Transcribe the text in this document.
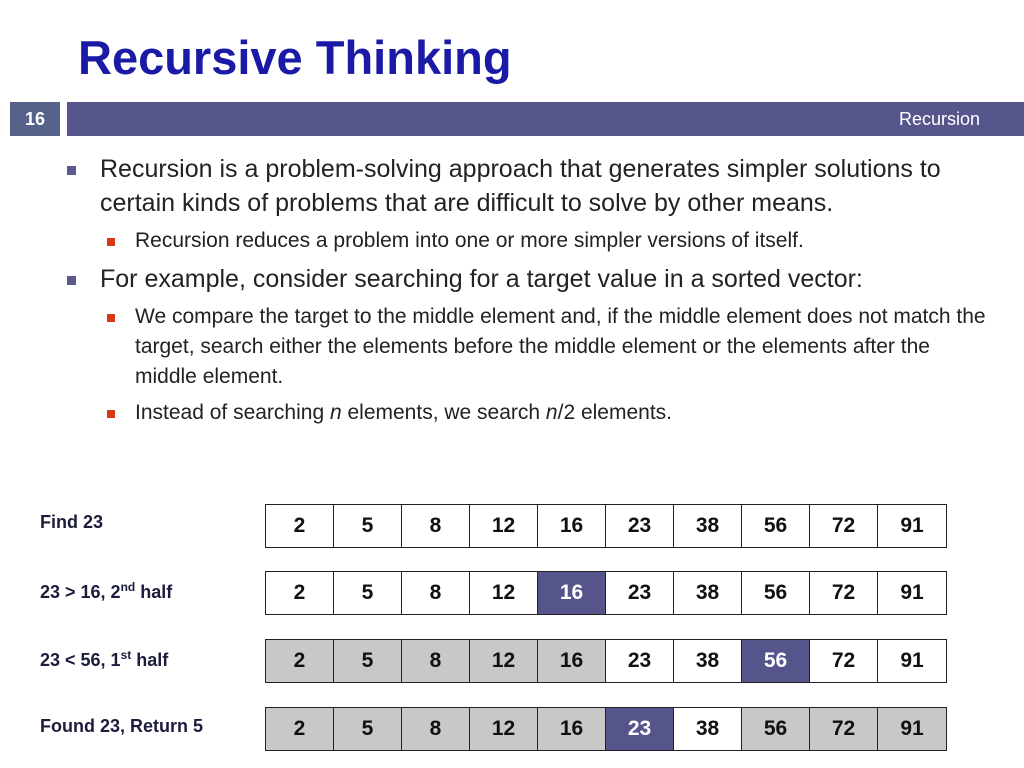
Recursive Thinking
16	Recursion
Recursion is a problem-solving approach that generates simpler solutions to certain kinds of problems that are difficult to solve by other means.
Recursion reduces a problem into one or more simpler versions of itself.
For example, consider searching for a target value in a sorted vector:
We compare the target to the middle element and, if the middle element does not match the target, search either the elements before the middle element or the elements after the middle element.
Instead of searching n elements, we search n/2 elements.
Find 23	2	5	8	12	16	23	38	56	72	91
23 > 16, 2nd half	2	5	8	12	16	23	38	56	72	91
23 < 56, 1st half	2	5	8	12	16	23	38	56	72	91
Found 23, Return 5	2	5	8	12	16	23	38	56	72	91
